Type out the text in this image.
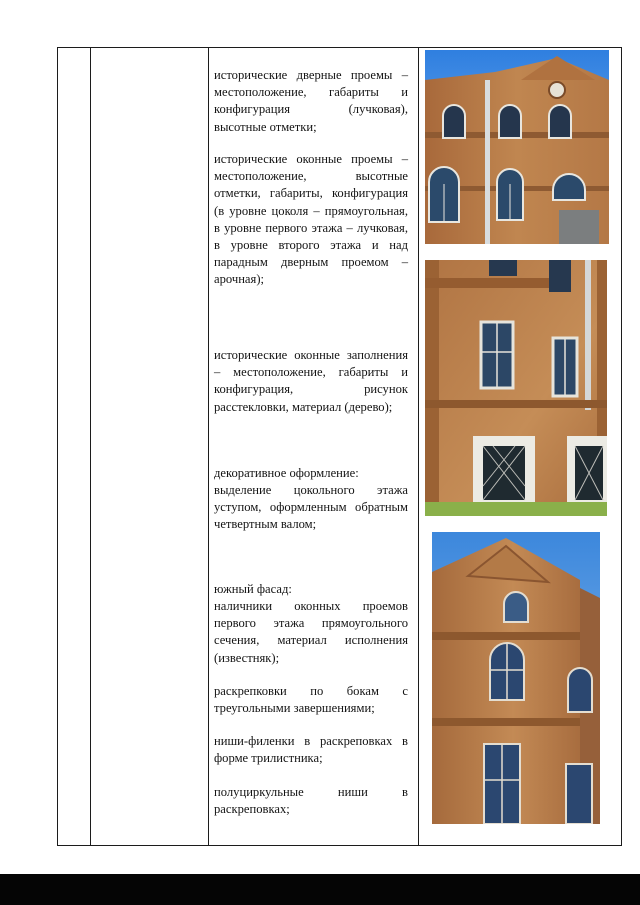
исторические дверные проемы – местоположение, габариты и конфигурация (лучковая), высотные отметки;

исторические оконные проемы – местоположение, высотные отметки, габариты, конфигурация (в уровне цоколя – прямоугольная, в уровне первого этажа – лучковая, в уровне второго этажа и над парадным дверным проемом – арочная);

исторические оконные заполнения – местоположение, габариты и конфигурация, рисунок расстекловки, материал (дерево);

декоративное оформление:

выделение цокольного этажа уступом, оформленным обратным четвертным валом;

южный фасад:

наличники оконных проемов первого этажа прямоугольного сечения, материал исполнения (известняк);

раскрепковки по бокам с треугольными завершениями;

ниши-филенки в раскреповках в форме трилистника;

полуциркульные ниши в раскреповках;
